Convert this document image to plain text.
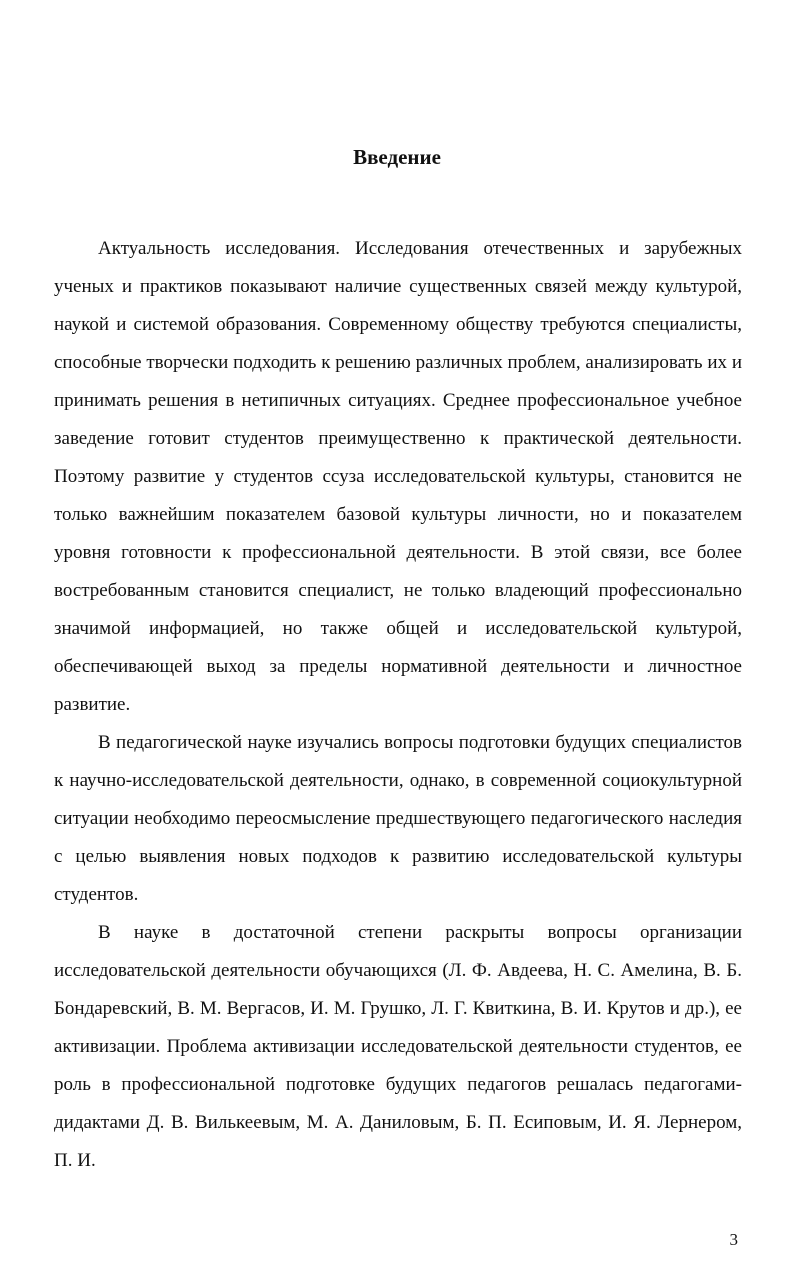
Введение

Актуальность исследования. Исследования отечественных и зарубежных ученых и практиков показывают наличие существенных связей между культурой, наукой и системой образования. Современному обществу требуются специалисты, способные творчески подходить к решению различных проблем, анализировать их и принимать решения в нетипичных ситуациях. Среднее профессиональное учебное заведение готовит студентов преимущественно к практической деятельности. Поэтому развитие у студентов ссуза исследовательской культуры, становится не только важнейшим показателем базовой культуры личности, но и показателем уровня готовности к профессиональной деятельности. В этой связи, все более востребованным становится специалист, не только владеющий профессионально значимой информацией, но также общей и исследовательской культурой, обеспечивающей выход за пределы нормативной деятельности и личностное развитие.

В педагогической науке изучались вопросы подготовки будущих специалистов к научно-исследовательской деятельности, однако, в современной социокультурной ситуации необходимо переосмысление предшествующего педагогического наследия с целью выявления новых подходов к развитию исследовательской культуры студентов.

В науке в достаточной степени раскрыты вопросы организации исследовательской деятельности обучающихся (Л. Ф. Авдеева, Н. С. Амелина, В. Б. Бондаревский, В. М. Вергасов, И. М. Грушко, Л. Г. Квиткина, В. И. Крутов и др.), ее активизации. Проблема активизации исследовательской деятельности студентов, ее роль в профессиональной подготовке будущих педагогов решалась педагогами-дидактами Д. В. Вилькеевым, М. А. Даниловым, Б. П. Есиповым, И. Я. Лернером, П. И.

3
